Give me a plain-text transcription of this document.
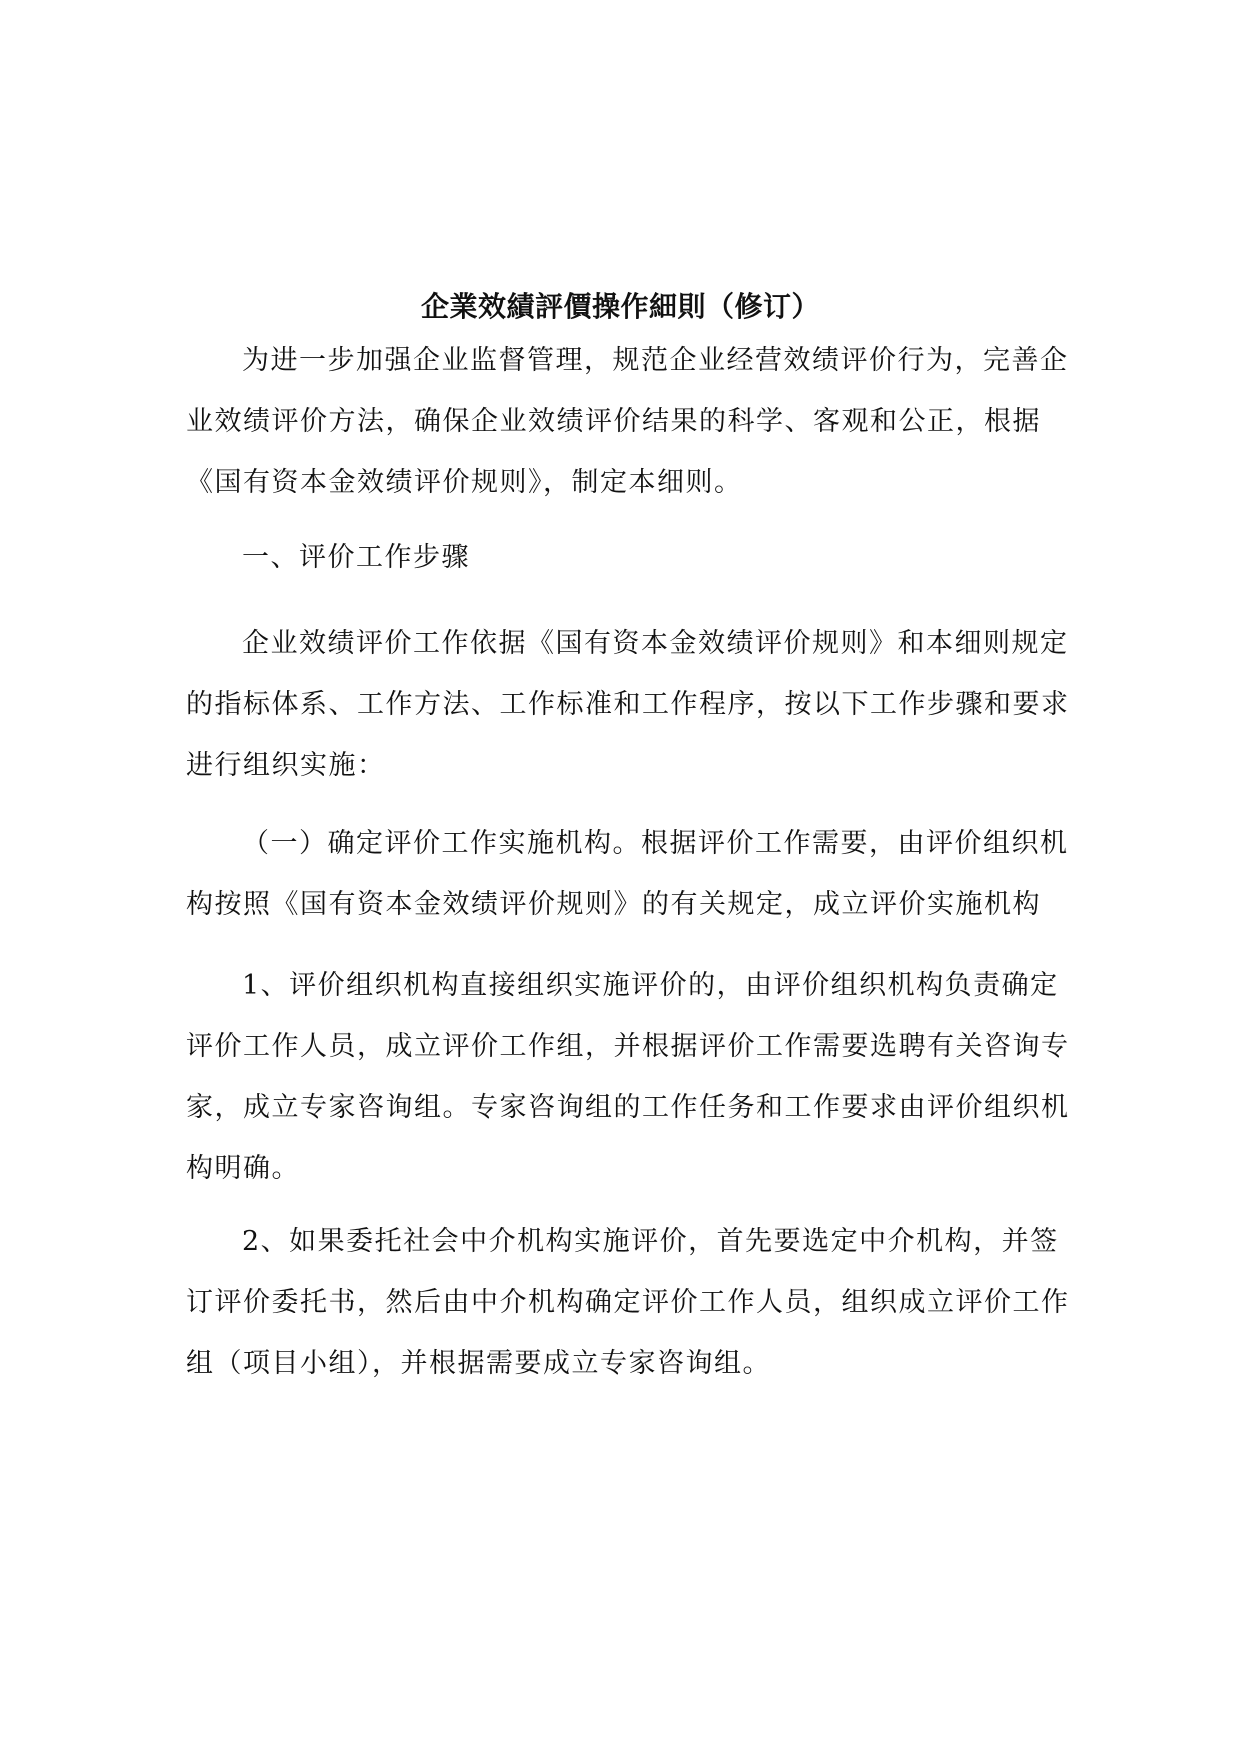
企業效績評價操作細則（修订）
为进一步加强企业监督管理，规范企业经营效绩评价行为，完善企
业效绩评价方法，确保企业效绩评价结果的科学、客观和公正，根据
《国有资本金效绩评价规则》，制定本细则。
一、评价工作步骤
企业效绩评价工作依据《国有资本金效绩评价规则》和本细则规定
的指标体系、工作方法、工作标准和工作程序，按以下工作步骤和要求
进行组织实施：
（一）确定评价工作实施机构。根据评价工作需要，由评价组织机
构按照《国有资本金效绩评价规则》的有关规定，成立评价实施机构
1、评价组织机构直接组织实施评价的，由评价组织机构负责确定
评价工作人员，成立评价工作组，并根据评价工作需要选聘有关咨询专
家，成立专家咨询组。专家咨询组的工作任务和工作要求由评价组织机
构明确。
2、如果委托社会中介机构实施评价，首先要选定中介机构，并签
订评价委托书，然后由中介机构确定评价工作人员，组织成立评价工作
组（项目小组），并根据需要成立专家咨询组。
